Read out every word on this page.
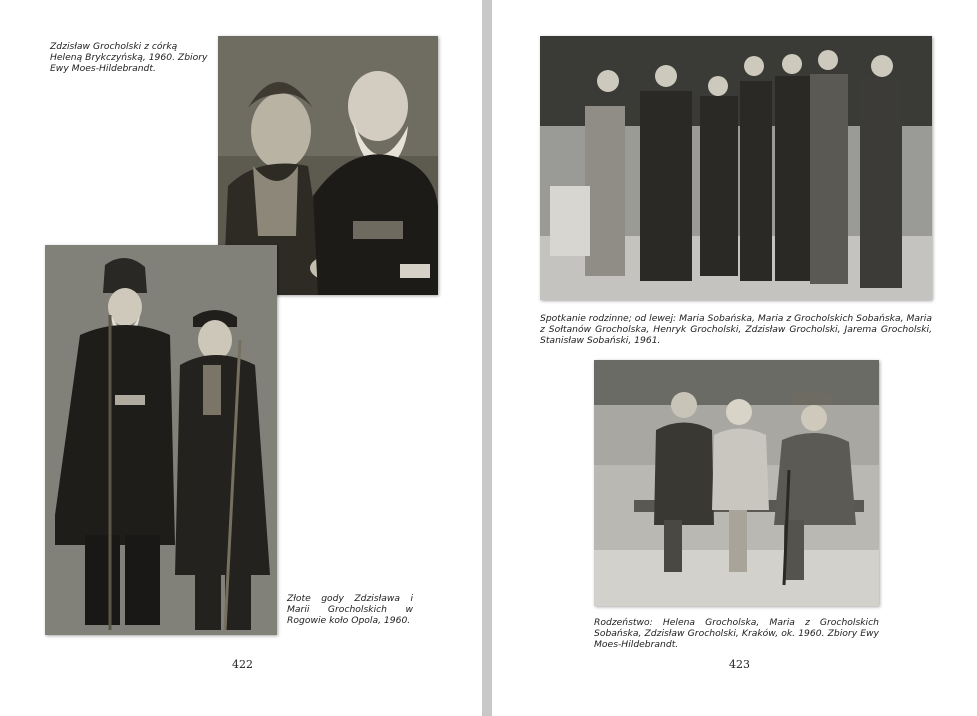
Zdzisław Grocholski z córką Heleną Brykczyńską, 1960. Zbiory Ewy Moes-Hildebrandt.
Złote gody Zdzisława i Marii Grocholskich w Rogowie koło Opola, 1960.
422
Spotkanie rodzinne; od lewej: Maria Sobańska, Maria z Grocholskich Sobańska, Maria z Sołtanów Grocholska, Henryk Grocholski, Zdzisław Grocholski, Jarema Grocholski, Stanisław Sobański, 1961.
Rodzeństwo: Helena Grocholska, Maria z Grocholskich Sobańska, Zdzisław Grocholski, Kraków, ok. 1960. Zbiory Ewy Moes-Hildebrandt.
423
